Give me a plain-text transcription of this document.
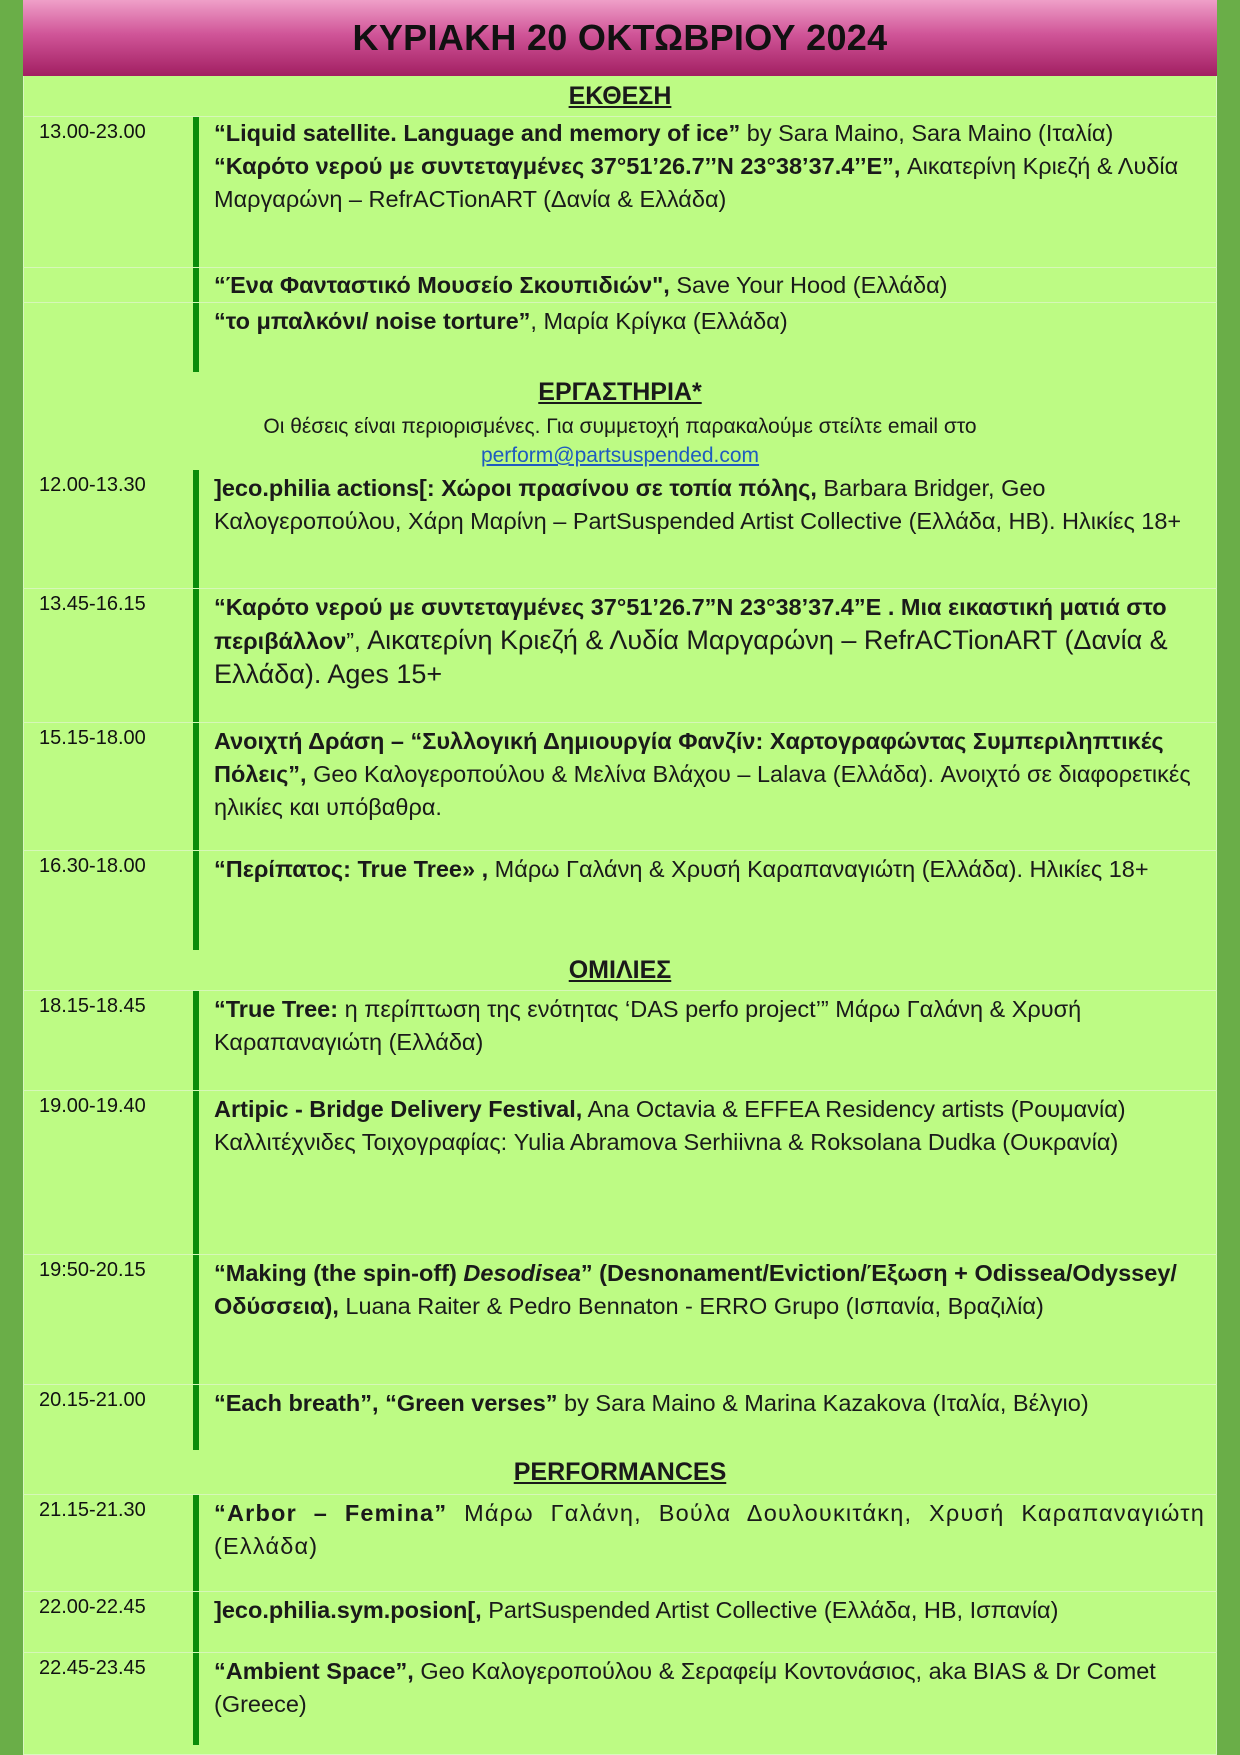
ΚΥΡΙΑΚΗ 20 ΟΚΤΩΒΡΙΟΥ 2024
ΕΚΘΕΣΗ
13.00-23.00	“Liquid satellite. Language and memory of ice” by Sara Maino, Sara Maino (Ιταλία)

“Καρότο νερού με συντεταγμένες 37°51’26.7’’N 23°38’37.4’’E”, Αικατερίνη Κριεζή & Λυδία Μαργαρώνη – RefrACTionART (Δανία & Ελλάδα)

“Ένα Φανταστικό Μουσείο Σκουπιδιών", Save Your Hood (Ελλάδα)

“το μπαλκόνι/ noise torture”, Μαρία Κρίγκα (Ελλάδα)

ΕΡΓΑΣΤΗΡΙΑ*
Οι θέσεις είναι περιορισμένες. Για συμμετοχή παρακαλούμε στείλτε email στο
perform@partsuspended.com
12.00-13.30	]eco.philia actions[: Χώροι πρασίνου σε τοπία πόλης, Barbara Bridger, Geo Καλογεροπούλου, Χάρη Μαρίνη – PartSuspended Artist Collective (Ελλάδα, ΗΒ). Ηλικίες 18+

13.45-16.15	“Καρότο νερού με συντεταγμένες 37°51’26.7”N 23°38’37.4”E . Μια εικαστική ματιά στο περιβάλλον”, Αικατερίνη Κριεζή & Λυδία Μαργαρώνη – RefrACTionART (Δανία & Ελλάδα). Ages 15+

15.15-18.00	Ανοιχτή Δράση – “Συλλογική Δημιουργία Φανζίν: Χαρτογραφώντας Συμπεριληπτικές Πόλεις”, Geo Καλογεροπούλου & Μελίνα Βλάχου – Lalava (Ελλάδα). Ανοιχτό σε διαφορετικές ηλικίες και υπόβαθρα.

16.30-18.00	“Περίπατος: True Tree» , Μάρω Γαλάνη & Χρυσή Καραπαναγιώτη (Ελλάδα). Ηλικίες 18+

ΟΜΙΛΙΕΣ
18.15-18.45	“True Tree: η περίπτωση της ενότητας ‘DAS perfo project’” Μάρω Γαλάνη & Χρυσή Καραπαναγιώτη (Ελλάδα)

19.00-19.40	Artipic - Bridge Delivery Festival, Ana Octavia & EFFEA Residency artists (Ρουμανία)

Καλλιτέχνιδες Τοιχογραφίας: Yulia Abramova Serhiivna & Roksolana Dudka (Ουκρανία)

19:50-20.15	“Making (the spin-off) Desodisea” (Desnonament/Eviction/Έξωση + Odissea/Odyssey/Οδύσσεια), Luana Raiter & Pedro Bennaton - ERRO Grupo (Ισπανία, Βραζιλία)

20.15-21.00	“Each breath”, “Green verses” by Sara Maino & Marina Kazakova (Ιταλία, Βέλγιο)

PERFORMANCES
21.15-21.30	“Arbor – Femina” Μάρω Γαλάνη, Βούλα Δουλουκιτάκη, Χρυσή Καραπαναγιώτη (Ελλάδα)

22.00-22.45	]eco.philia.sym.posion[, PartSuspended Artist Collective (Ελλάδα, ΗΒ, Ισπανία)

22.45-23.45	“Ambient Space”, Geo Καλογεροπούλου & Σεραφείμ Κοντονάσιος, aka BIAS & Dr Comet (Greece)
